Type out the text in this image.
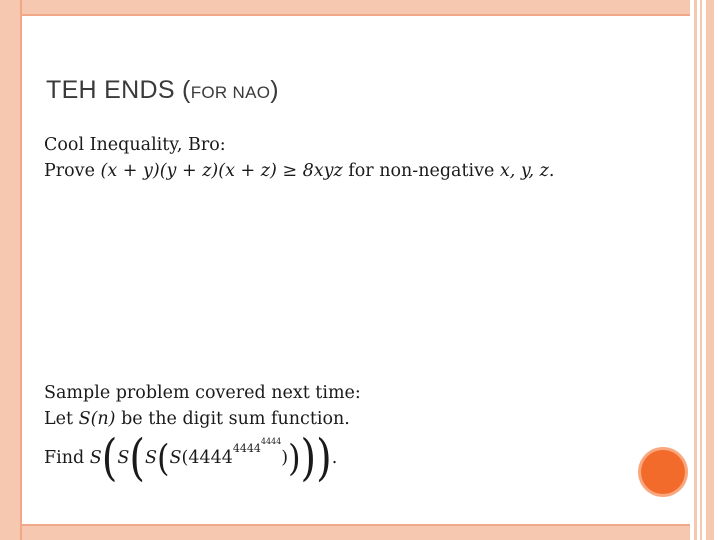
TEH ENDS (FOR NAO)
Cool Inequality, Bro:
Prove (x + y)(y + z)(x + z) ≥ 8xyz for non-negative x, y, z.
Sample problem covered next time:
Let S(n) be the digit sum function.
Find
S ( S ( S ( S ( 4444 4444
4444
) ) ) ) .
